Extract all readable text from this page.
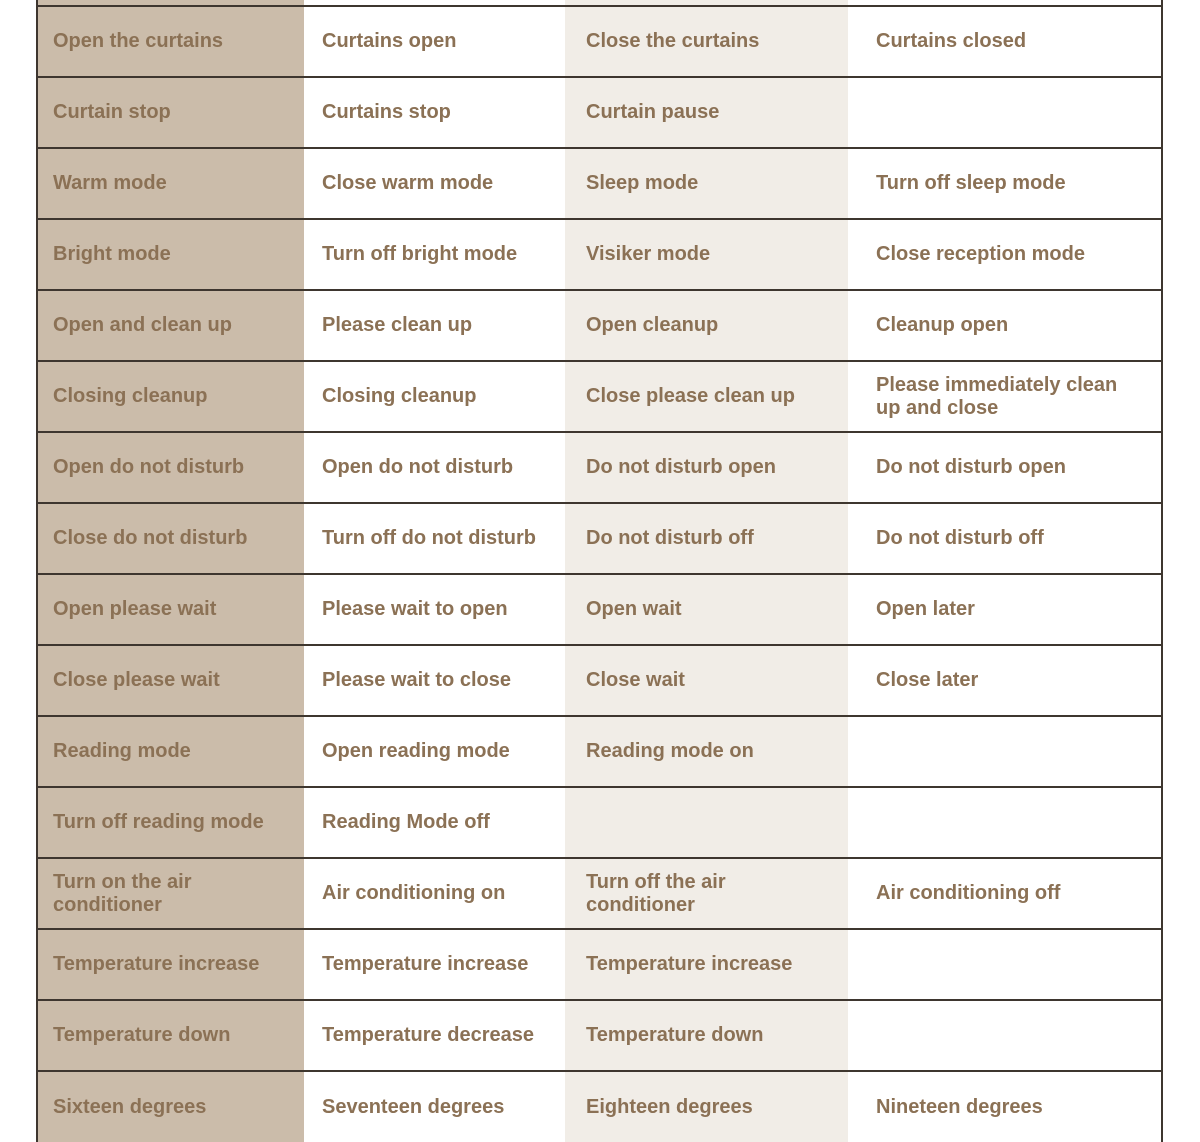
Open the curtains	Curtains open	Close the curtains	Curtains closed

Curtain stop	Curtains stop	Curtain pause	

Warm mode	Close warm mode	Sleep mode	Turn off sleep mode

Bright mode	Turn off bright mode	Visiker mode	Close reception mode

Open and clean up	Please clean up	Open cleanup	Cleanup open

Closing cleanup	Closing cleanup	Close please clean up	Please immediately clean up and close

Open do not disturb	Open do not disturb	Do not disturb open	Do not disturb open

Close do not disturb	Turn off do not disturb	Do not disturb off	Do not disturb off

Open please wait	Please wait to open	Open wait	Open later

Close please wait	Please wait to close	Close wait	Close later

Reading mode	Open reading mode	Reading mode on	

Turn off reading mode	Reading Mode off		

Turn on the air conditioner	Air conditioning on	Turn off the air conditioner	Air conditioning off

Temperature increase	Temperature increase	Temperature increase	

Temperature down	Temperature decrease	Temperature down	

Sixteen degrees	Seventeen degrees	Eighteen degrees	Nineteen degrees
